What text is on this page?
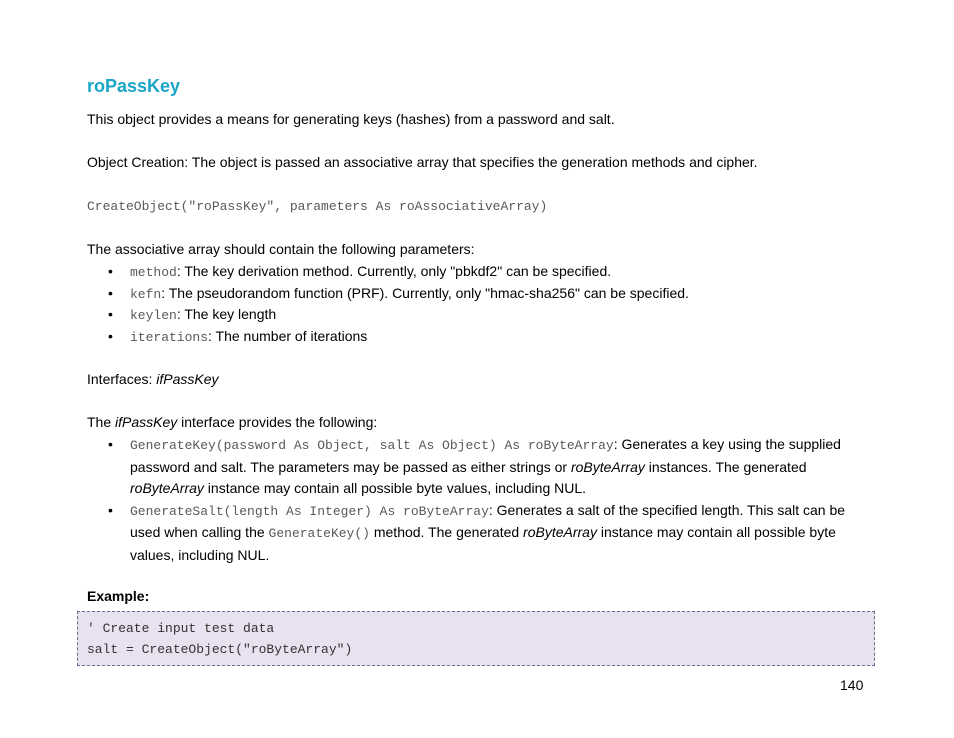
roPassKey

This object provides a means for generating keys (hashes) from a password and salt.

Object Creation: The object is passed an associative array that specifies the generation methods and cipher.

CreateObject("roPassKey", parameters As roAssociativeArray)

The associative array should contain the following parameters:

• method: The key derivation method. Currently, only "pbkdf2" can be specified.
• kefn: The pseudorandom function (PRF). Currently, only "hmac-sha256" can be specified.
• keylen: The key length
• iterations: The number of iterations

Interfaces: ifPassKey

The ifPassKey interface provides the following:

• GenerateKey(password As Object, salt As Object) As roByteArray: Generates a key using the supplied password and salt. The parameters may be passed as either strings or roByteArray instances. The generated roByteArray instance may contain all possible byte values, including NUL.
• GenerateSalt(length As Integer) As roByteArray: Generates a salt of the specified length. This salt can be used when calling the GenerateKey() method. The generated roByteArray instance may contain all possible byte values, including NUL.

Example:

' Create input test data
salt = CreateObject("roByteArray")
140
